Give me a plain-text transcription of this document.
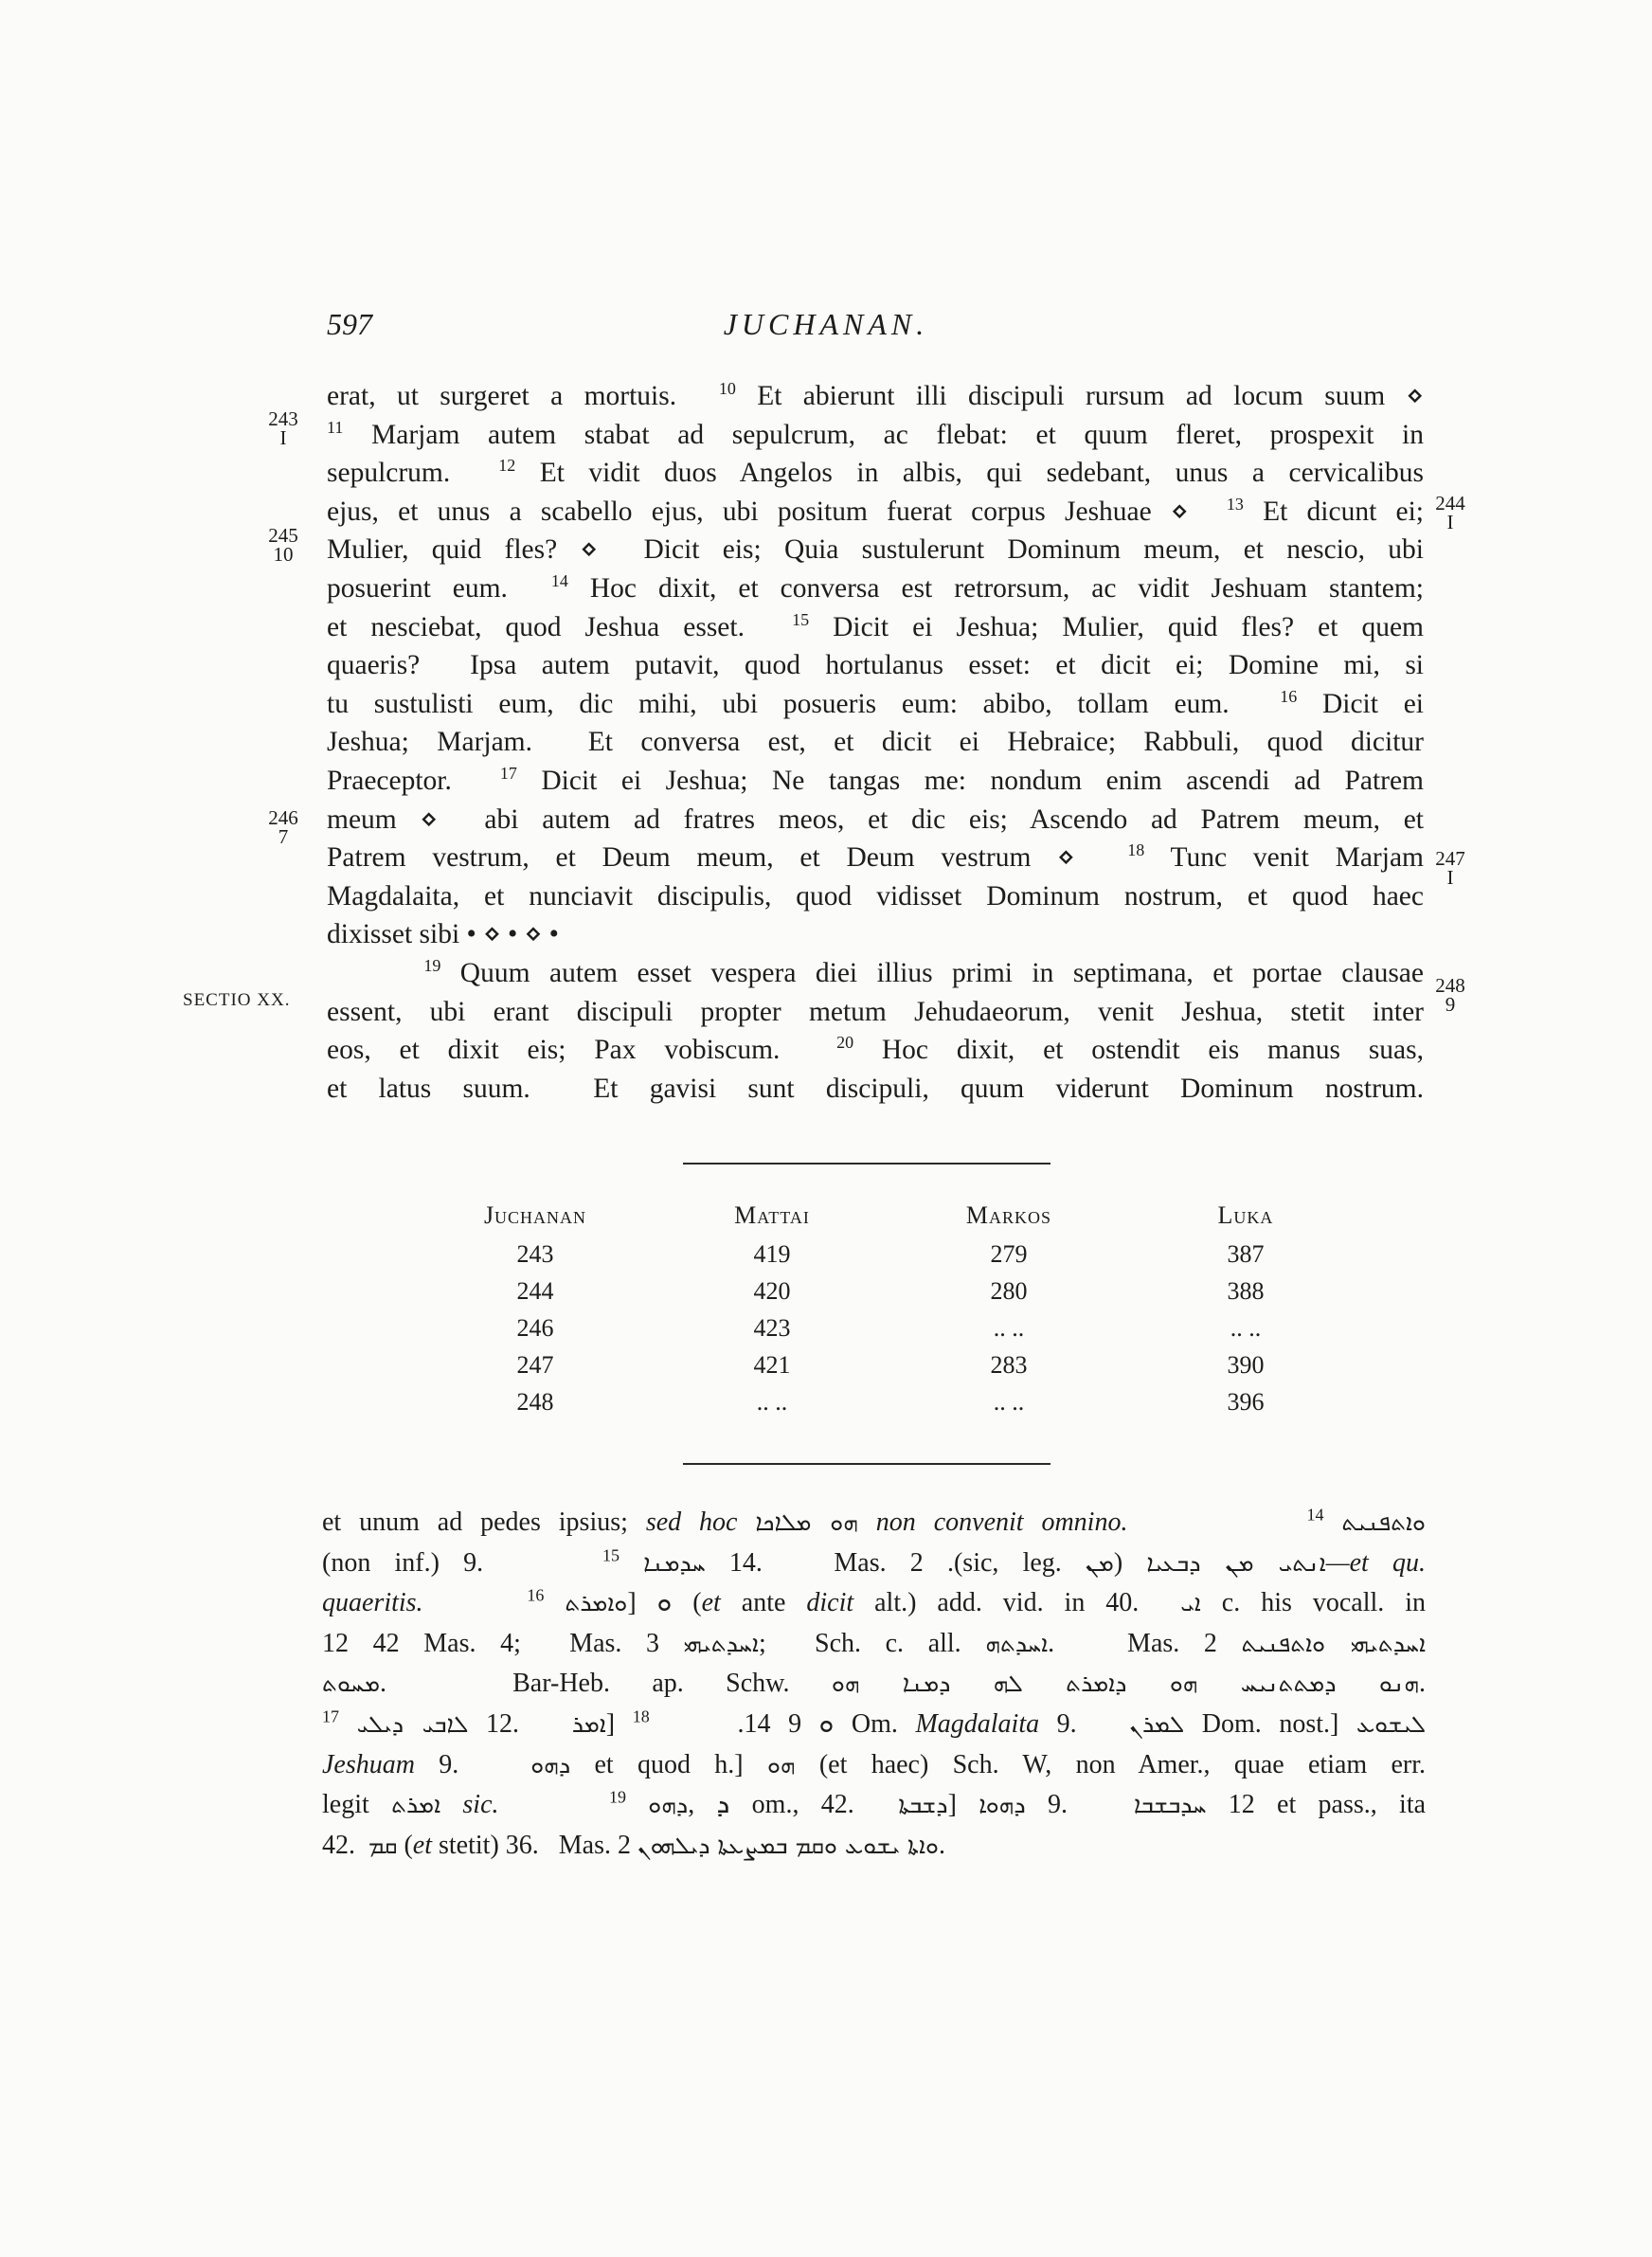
597	JUCHANAN.

erat, ut surgeret a mortuis.  $^{10}$ Et abierunt illi discipuli rursum ad locum suum ⋄

$^{11}$ Marjam autem stabat ad sepulcrum, ac flebat: et quum fleret, prospexit in

sepulcrum.  $^{12}$ Et vidit duos Angelos in albis, qui sedebant, unus a cervicalibus

ejus, et unus a scabello ejus, ubi positum fuerat corpus Jeshuae ⋄  $^{13}$ Et dicunt ei;

Mulier, quid fles? ⋄  Dicit eis; Quia sustulerunt Dominum meum, et nescio, ubi

posuerint eum.  $^{14}$ Hoc dixit, et conversa est retrorsum, ac vidit Jeshuam stantem;

et nesciebat, quod Jeshua esset.  $^{15}$ Dicit ei Jeshua; Mulier, quid fles? et quem

quaeris?  Ipsa autem putavit, quod hortulanus esset: et dicit ei; Domine mi, si

tu sustulisti eum, dic mihi, ubi posueris eum: abibo, tollam eum.  $^{16}$ Dicit ei

Jeshua; Marjam.  Et conversa est, et dicit ei Hebraice; Rabbuli, quod dicitur

Praeceptor.  $^{17}$ Dicit ei Jeshua; Ne tangas me: nondum enim ascendi ad Patrem

meum ⋄  abi autem ad fratres meos, et dic eis; Ascendo ad Patrem meum, et

Patrem vestrum, et Deum meum, et Deum vestrum ⋄  $^{18}$ Tunc venit Marjam

Magdalaita, et nunciavit discipulis, quod vidisset Dominum nostrum, et quod haec

dixisset sibi • ⋄ • ⋄ •

$^{19}$ Quum autem esset vespera diei illius primi in septimana, et portae clausae

essent, ubi erant discipuli propter metum Jehudaeorum, venit Jeshua, stetit inter

eos, et dixit eis; Pax vobiscum.  $^{20}$ Hoc dixit, et ostendit eis manus suas,

et latus suum.  Et gavisi sunt discipuli, quum viderunt Dominum nostrum.

243
I
244
I
245
10
246
7
247
I
248
9
SECTIO XX.
Juchanan	Mattai	Markos	Luka
243	419	279	387
244	420	280	388
246	423	.. ..	.. ..
247	421	283	390
248	.. ..	.. ..	396

et unum ad pedes ipsius; sed hoc ܗܘ ܡܠܐܟܐ non convenit omnino.	$^{14}$ ܘܐܬܦܢܝܬ

(non inf.) 9.     $^{15}$ ܚܕܡܢܐ 14.   Mas. 2 .(sic, leg. ܡܢ) ܐܢܬܝ ܡܢ ܕܒܥܝܐ—et qu.

quaeritis.	$^{16}$ ܘܐܡܪܬ] ܘ (et ante dicit alt.) add. vid. in 40.  ܐܝ c. his vocall. in

12 42 Mas. 4;  Mas. 3 ܐܚܕܬܝܗܝ;  Sch. c. all. ܐܚܕܬܗ.   Mas. 2 ܐܚܕܬܝܗܝ ܘܐܬܦܢܝܬ

ܡܚܘܬ.   Bar-Heb. ap. Schw. ܗܢܘ ܕܡܬܬܢܝܚ ܗܘ ܕܐܡܪܬ ܠܗ ܕܡܢܐ ܗܘ.

$^{17}$ ܠܐܒܝ ܕܝܠܝ 12.   ܐܡܪ] ܘ 9 14.     $^{18}$	Om. Magdalaita 9.   ܠܡܪܢ Dom. nost.] ܠܝܫܘܥ

Jeshuam 9.   ܕܗܘ et quod h.] ܗܘ (et haec) Sch. W, non Amer., quae etiam err.

legit ܐܡܪܬ sic.	$^{19}$ ܕܗܘ, ܕ om., 42.  ܕܫܒܬܐ] ܕܗܘܐ 9.   ܚܕܒܫܒܐ 12 et pass., ita

42.  ܩܡ (et stetit) 36.   Mas. 2 ܘܐܬܐ ܝܫܘܥ ܘܩܡ ܒܡܨܥܬܐ ܕܝܠܗܘܢ.
